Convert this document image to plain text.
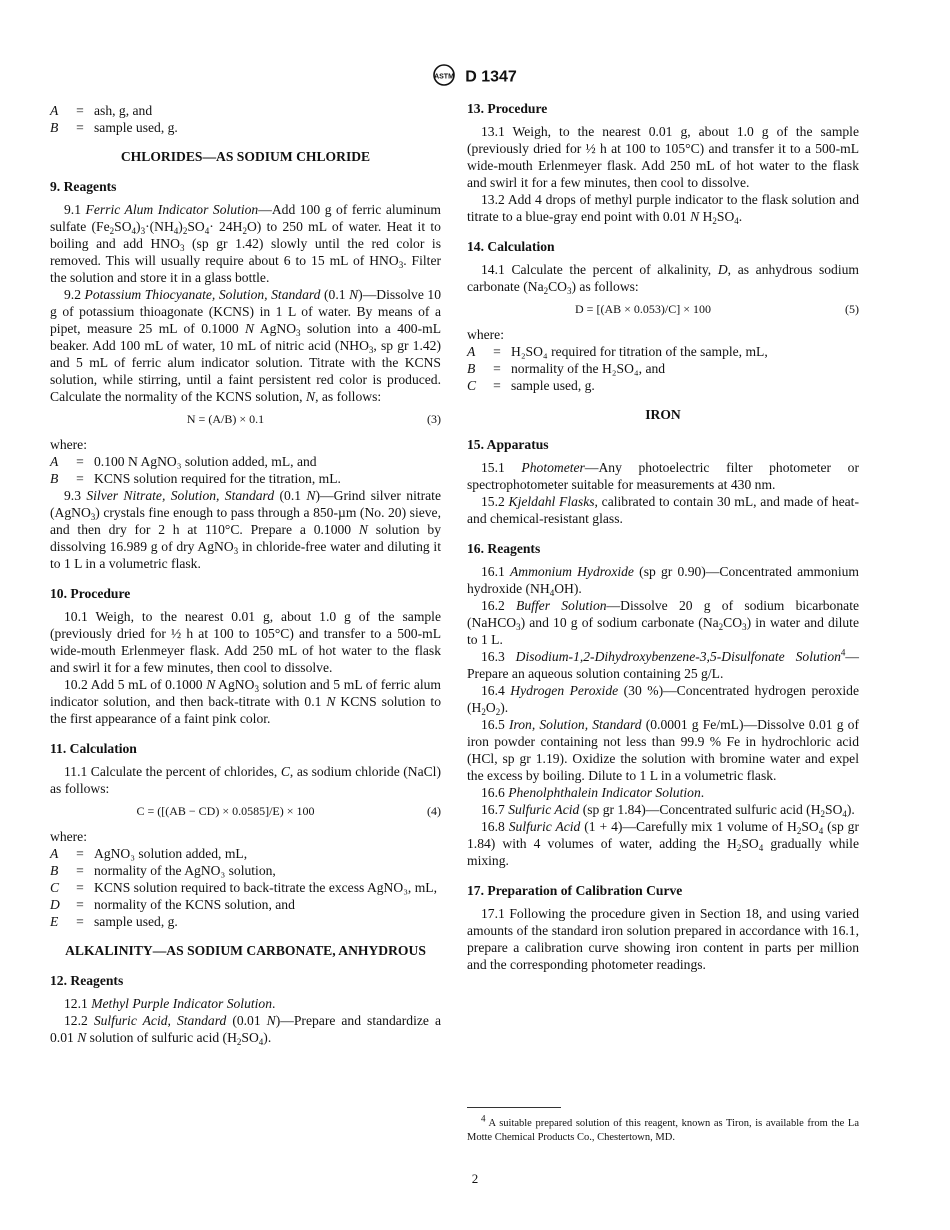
ASTM D 1347
A	= ash, g, and
B	= sample used, g.
CHLORIDES—AS SODIUM CHLORIDE
9. Reagents

9.1 Ferric Alum Indicator Solution—Add 100 g of ferric aluminum sulfate $(Fe_2SO_4)_3\cdot(NH_4)_2SO_4\cdot 24H_2O$) to 250 mL of water. Heat it to boiling and add $HNO_3$ (sp gr 1.42) slowly until the red color is removed. This will usually require about 6 to 15 mL of $HNO_3$. Filter the solution and store it in a glass bottle.

9.2 Potassium Thiocyanate, Solution, Standard (0.1 N)—Dissolve 10 g of potassium thioagonate (KCNS) in 1 L of water. By means of a pipet, measure 25 mL of 0.1000 N AgNO$_3$ solution into a 400-mL beaker. Add 100 mL of water, 10 mL of nitric acid ($NHO_3$, sp gr 1.42) and 5 mL of ferric alum indicator solution. Titrate with the KCNS solution, while stirring, until a faint persistent red color is produced. Calculate the normality of the KCNS solution, N, as follows:

N = (A/B) × 0.1	(3)

where:

A	= 0.100 N AgNO₃ solution added, mL, and
B	= KCNS solution required for the titration, mL.

9.3 Silver Nitrate, Solution, Standard (0.1 N)—Grind silver nitrate (AgNO$_3$) crystals fine enough to pass through a 850-µm (No. 20) sieve, and then dry for 2 h at 110°C. Prepare a 0.1000 N solution by dissolving 16.989 g of dry AgNO$_3$ in chloride-free water and diluting it to 1 L in a volumetric flask.

10. Procedure

10.1 Weigh, to the nearest 0.01 g, about 1.0 g of the sample (previously dried for ½ h at 100 to 105°C) and transfer to a 500-mL wide-mouth Erlenmeyer flask. Add 250 mL of hot water to the flask and swirl it for a few minutes, then cool to dissolve.

10.2 Add 5 mL of 0.1000 N AgNO$_3$ solution and 5 mL of ferric alum indicator solution, and then back-titrate with 0.1 N KCNS solution to the first appearance of a faint pink color.

11. Calculation

11.1 Calculate the percent of chlorides, C, as sodium chloride (NaCl) as follows:

C = ([(AB − CD) × 0.0585]/E) × 100	(4)

where:

A	= AgNO₃ solution added, mL,
B	= normality of the AgNO₃ solution,
C	= KCNS solution required to back-titrate the excess AgNO₃, mL,
D	= normality of the KCNS solution, and
E	= sample used, g.
ALKALINITY—AS SODIUM CARBONATE, ANHYDROUS
12. Reagents

12.1 Methyl Purple Indicator Solution.

12.2 Sulfuric Acid, Standard (0.01 N)—Prepare and standardize a 0.01 N solution of sulfuric acid $(H_2SO_4)$.

13. Procedure

13.1 Weigh, to the nearest 0.01 g, about 1.0 g of the sample (previously dried for ½ h at 100 to 105°C) and transfer it to a 500-mL wide-mouth Erlenmeyer flask. Add 250 mL of hot water to the flask and swirl it for a few minutes, then cool to dissolve.

13.2 Add 4 drops of methyl purple indicator to the flask solution and titrate to a blue-gray end point with 0.01 N $H_2SO_4$.

14. Calculation

14.1 Calculate the percent of alkalinity, D, as anhydrous sodium carbonate $(Na_2CO_3)$ as follows:

D = [(AB × 0.053)/C] × 100	(5)

where:

A	= H₂SO₄ required for titration of the sample, mL,
B	= normality of the H₂SO₄, and
C	= sample used, g.
IRON
15. Apparatus

15.1 Photometer—Any photoelectric filter photometer or spectrophotometer suitable for measurements at 430 nm.

15.2 Kjeldahl Flasks, calibrated to contain 30 mL, and made of heat- and chemical-resistant glass.

16. Reagents

16.1 Ammonium Hydroxide (sp gr 0.90)—Concentrated ammonium hydroxide $(NH_4OH)$.

16.2 Buffer Solution—Dissolve 20 g of sodium bicarbonate (NaHCO$_3$) and 10 g of sodium carbonate $(Na_2CO_3)$ in water and dilute to 1 L.

16.3 Disodium-1,2-Dihydroxybenzene-3,5-Disulfonate Solution$^4$—Prepare an aqueous solution containing 25 g/L.

16.4 Hydrogen Peroxide (30 %)—Concentrated hydrogen peroxide $(H_2O_2)$.

16.5 Iron, Solution, Standard (0.0001 g Fe/mL)—Dissolve 0.01 g of iron powder containing not less than 99.9 % Fe in hydrochloric acid (HCl, sp gr 1.19). Oxidize the solution with bromine water and expel the excess by boiling. Dilute to 1 L in a volumetric flask.

16.6 Phenolphthalein Indicator Solution.

16.7 Sulfuric Acid (sp gr 1.84)—Concentrated sulfuric acid $(H_2SO_4)$.

16.8 Sulfuric Acid (1 + 4)—Carefully mix 1 volume of $H_2SO_4$ (sp gr 1.84) with 4 volumes of water, adding the $H_2SO_4$ gradually while mixing.

17. Preparation of Calibration Curve

17.1 Following the procedure given in Section 18, and using varied amounts of the standard iron solution prepared in accordance with 16.1, prepare a calibration curve showing iron content in parts per million and the corresponding photometer readings.

$^4$ A suitable prepared solution of this reagent, known as Tiron, is available from the La Motte Chemical Products Co., Chestertown, MD.
2
